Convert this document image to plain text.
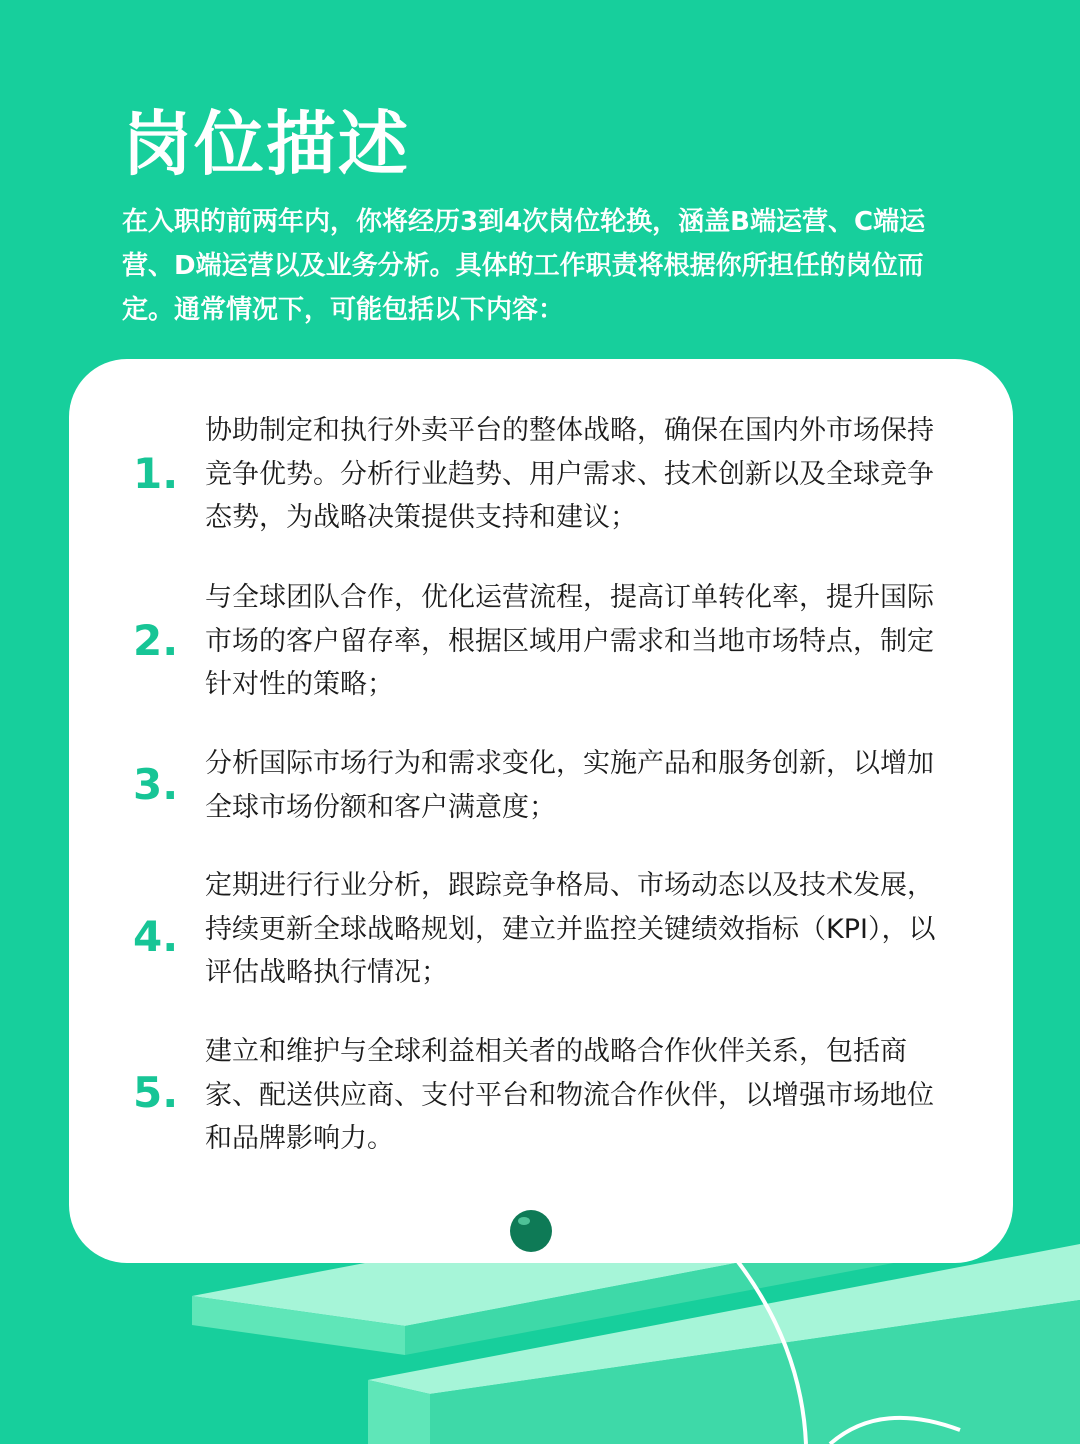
岗位描述

在入职的前两年内，你将经历3到4次岗位轮换，涵盖B端运营、C端运营、D端运营以及业务分析。具体的工作职责将根据你所担任的岗位而定。通常情况下，可能包括以下内容：

1.

协助制定和执行外卖平台的整体战略，确保在国内外市场保持竞争优势。分析行业趋势、用户需求、技术创新以及全球竞争态势，为战略决策提供支持和建议；

2.

与全球团队合作，优化运营流程，提高订单转化率，提升国际市场的客户留存率，根据区域用户需求和当地市场特点，制定针对性的策略；

3. 分析国际市场行为和需求变化，实施产品和服务创新，以增加全球市场份额和客户满意度；

4.

定期进行行业分析，跟踪竞争格局、市场动态以及技术发展，持续更新全球战略规划，建立并监控关键绩效指标（KPI），以评估战略执行情况；

5.

建立和维护与全球利益相关者的战略合作伙伴关系，包括商家、配送供应商、支付平台和物流合作伙伴，以增强市场地位和品牌影响力。
